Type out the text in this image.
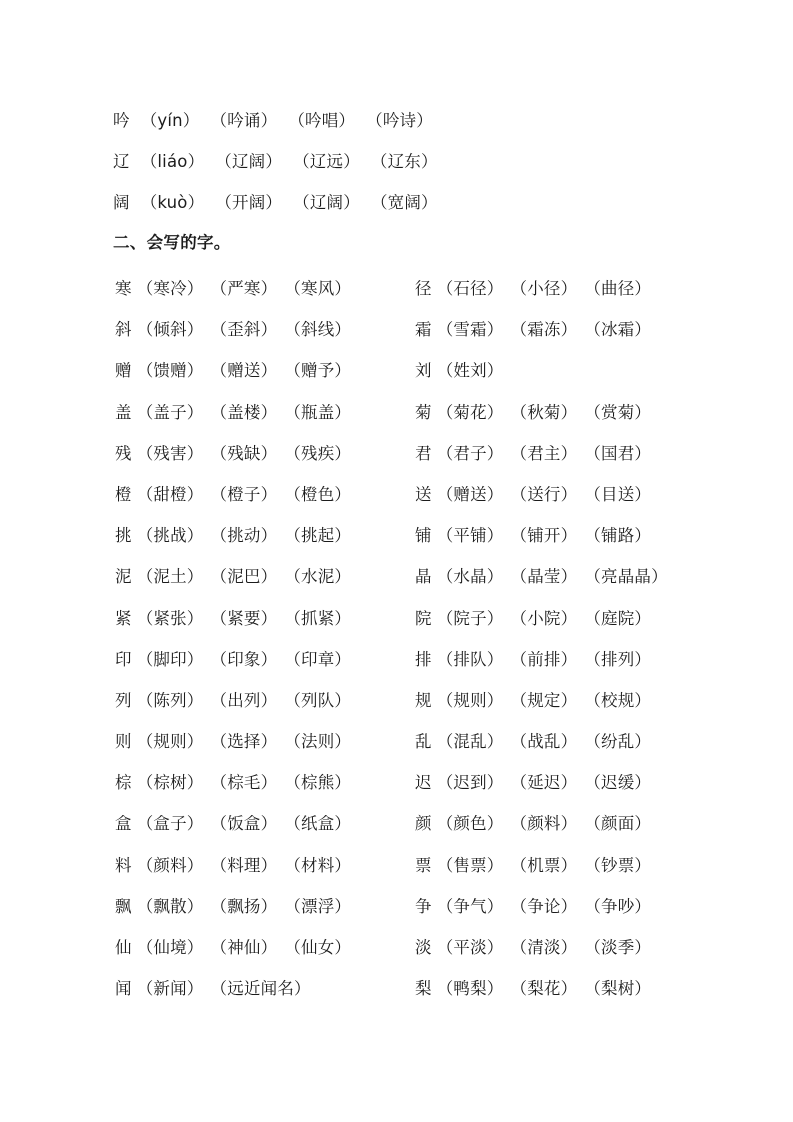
吟 （yín） （吟诵） （吟唱） （吟诗）
辽 （liáo） （辽阔） （辽远） （辽东）
阔 （kuò） （开阔） （辽阔） （宽阔）
二、会写的字。
寒 （寒冷） （严寒） （寒风）	径 （石径） （小径） （曲径）
斜 （倾斜） （歪斜） （斜线）	霜 （雪霜） （霜冻） （冰霜）
赠 （馈赠） （赠送） （赠予）	刘 （姓刘）
盖 （盖子） （盖楼） （瓶盖）	菊 （菊花） （秋菊） （赏菊）
残 （残害） （残缺） （残疾）	君 （君子） （君主） （国君）
橙 （甜橙） （橙子） （橙色）	送 （赠送） （送行） （目送）
挑 （挑战） （挑动） （挑起）	铺 （平铺） （铺开） （铺路）
泥 （泥土） （泥巴） （水泥）	晶 （水晶） （晶莹） （亮晶晶）
紧 （紧张） （紧要） （抓紧）	院 （院子） （小院） （庭院）
印 （脚印） （印象） （印章）	排 （排队） （前排） （排列）
列 （陈列） （出列） （列队）	规 （规则） （规定） （校规）
则 （规则） （选择） （法则）	乱 （混乱） （战乱） （纷乱）
棕 （棕树） （棕毛） （棕熊）	迟 （迟到） （延迟） （迟缓）
盒 （盒子） （饭盒） （纸盒）	颜 （颜色） （颜料） （颜面）
料 （颜料） （料理） （材料）	票 （售票） （机票） （钞票）
飘 （飘散） （飘扬） （漂浮）	争 （争气） （争论） （争吵）
仙 （仙境） （神仙） （仙女）	淡 （平淡） （清淡） （淡季）
闻 （新闻） （远近闻名）	梨 （鸭梨） （梨花） （梨树）
